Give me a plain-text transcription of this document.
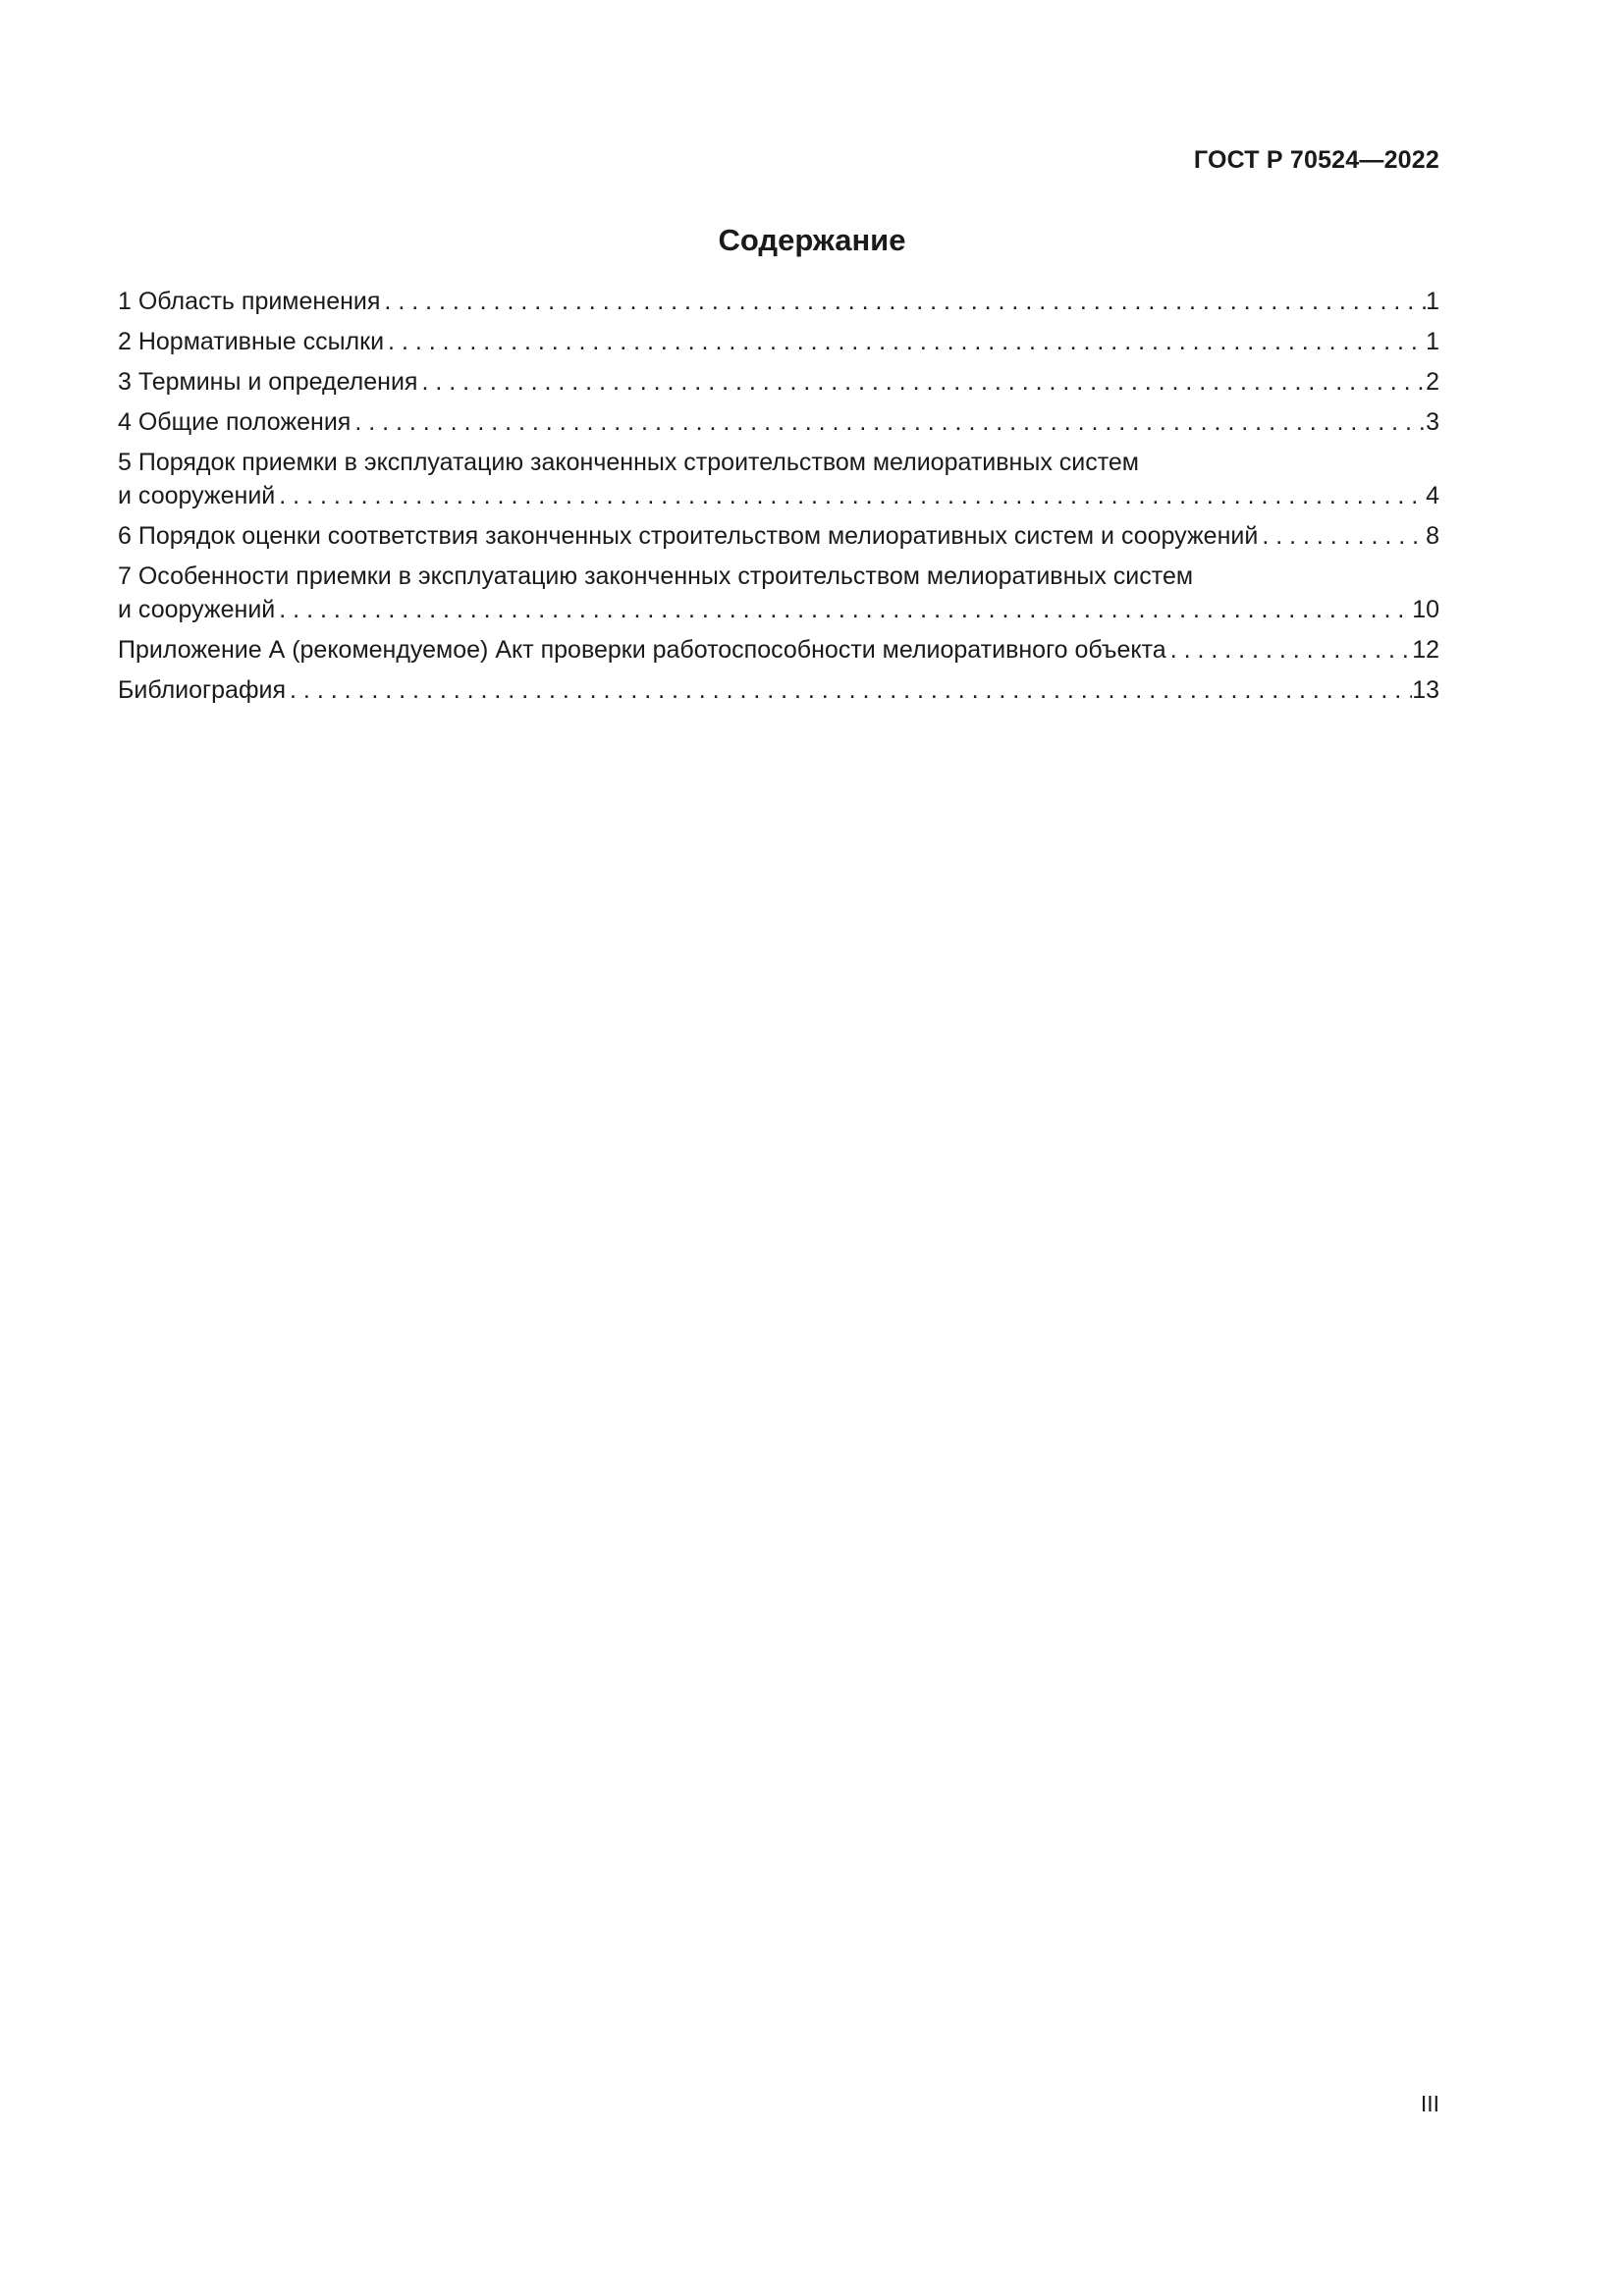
ГОСТ Р 70524—2022
Содержание
1 Область применения . . .	1
2 Нормативные ссылки . . .	1
3 Термины и определения . . .	2
4 Общие положения . . .	3
5 Порядок приемки в эксплуатацию законченных строительством мелиоративных систем
и сооружений . . .	4
6 Порядок оценки соответствия законченных строительством мелиоративных систем и сооружений . . .	8
7 Особенности приемки в эксплуатацию законченных строительством мелиоративных систем
и сооружений . . .	10
Приложение А (рекомендуемое) Акт проверки работоспособности мелиоративного объекта . . .	12
Библиография . . .	13
III
